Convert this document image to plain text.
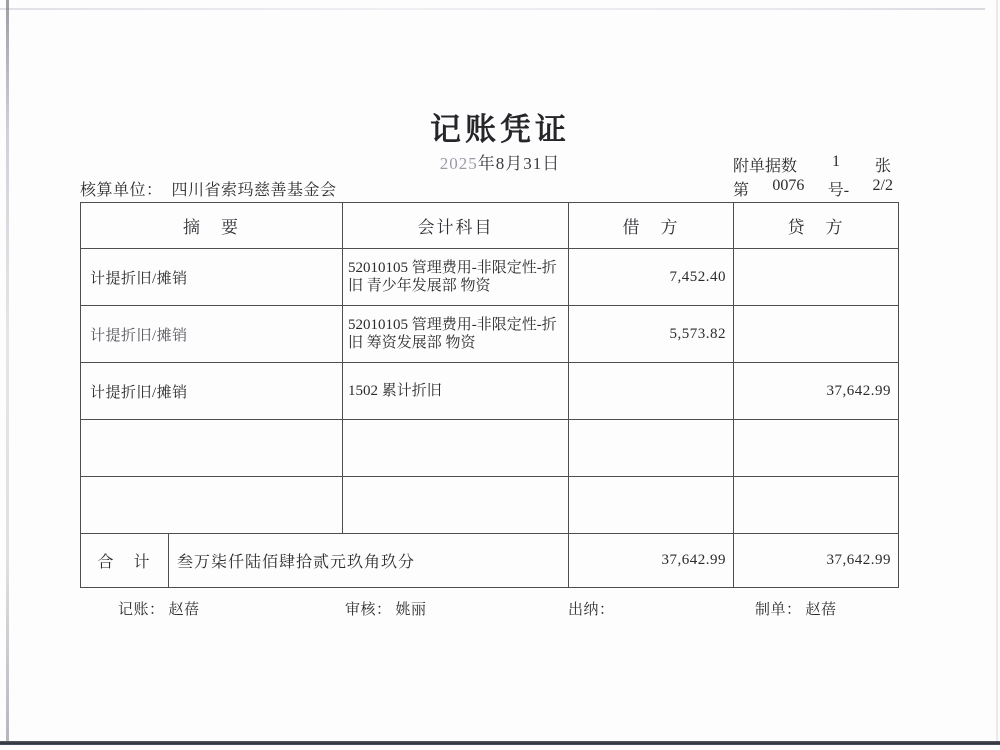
记账凭证
2025年8月31日	附单据数 1 张
第 0076 号- 2/2
核算单位： 四川省索玛慈善基金会
摘　要		会计科目	借　方	贷　方
计提折旧/摊销		52010105 管理费用-非限定性-折旧 青少年发展部 物资	7,452.40	
计提折旧/摊销		52010105 管理费用-非限定性-折旧 筹资发展部 物资	5,573.82	
计提折旧/摊销		1502 累计折旧		37,642.99

合　计	叁万柒仟陆佰肆拾贰元玖角玖分		37,642.99	37,642.99
记账： 赵蓓	审核： 姚丽	出纳：	制单： 赵蓓
